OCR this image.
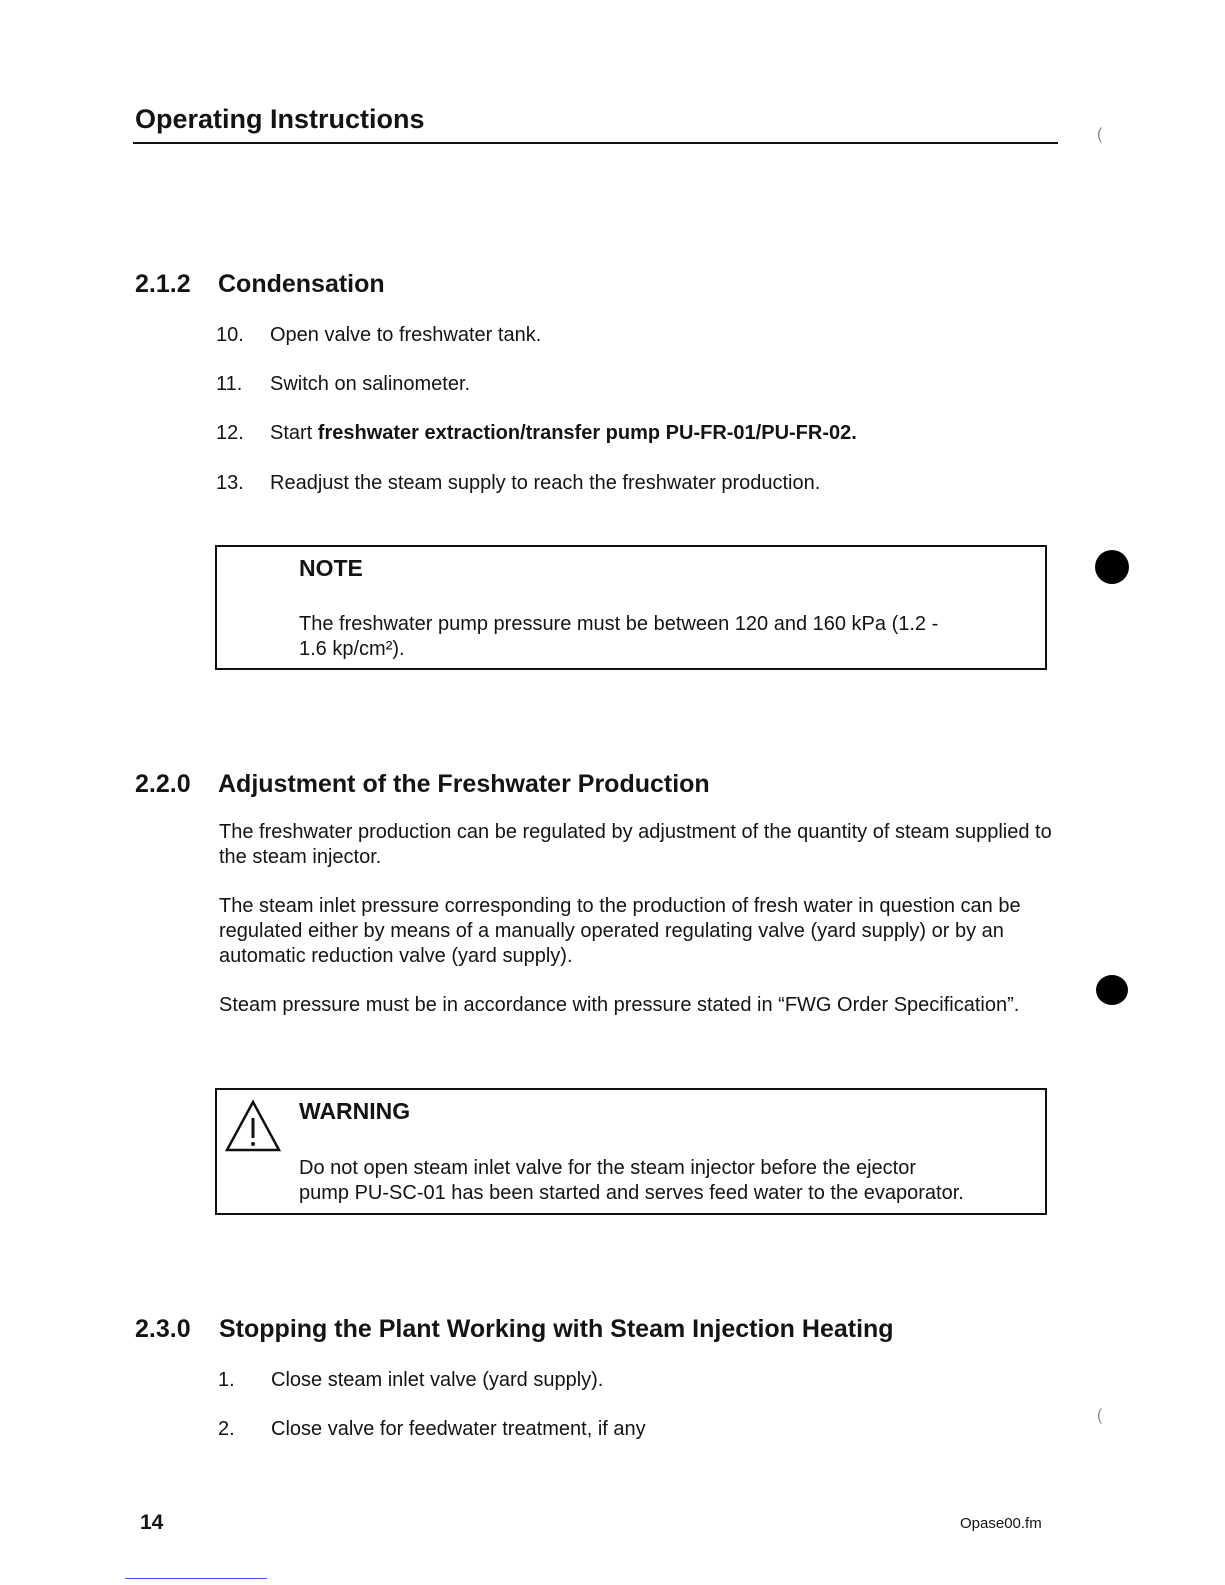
Operating Instructions
2.1.2 Condensation
10. Open valve to freshwater tank.
11. Switch on salinometer.
12. Start freshwater extraction/transfer pump PU-FR-01/PU-FR-02.
13. Readjust the steam supply to reach the freshwater production.
NOTE
The freshwater pump pressure must be between 120 and 160 kPa (1.2 -
1.6 kp/cm²).
2.2.0 Adjustment of the Freshwater Production
The freshwater production can be regulated by adjustment of the quantity of steam supplied to the steam injector.
The steam inlet pressure corresponding to the production of fresh water in question can be regulated either by means of a manually operated regulating valve (yard supply) or by an automatic reduction valve (yard supply).
Steam pressure must be in accordance with pressure stated in “FWG Order Specification”.
WARNING
Do not open steam inlet valve for the steam injector before the ejector
pump PU-SC-01 has been started and serves feed water to the evaporator.
2.3.0 Stopping the Plant Working with Steam Injection Heating
1. Close steam inlet valve (yard supply).
2. Close valve for feedwater treatment, if any
14	Opase00.fm
(
(
